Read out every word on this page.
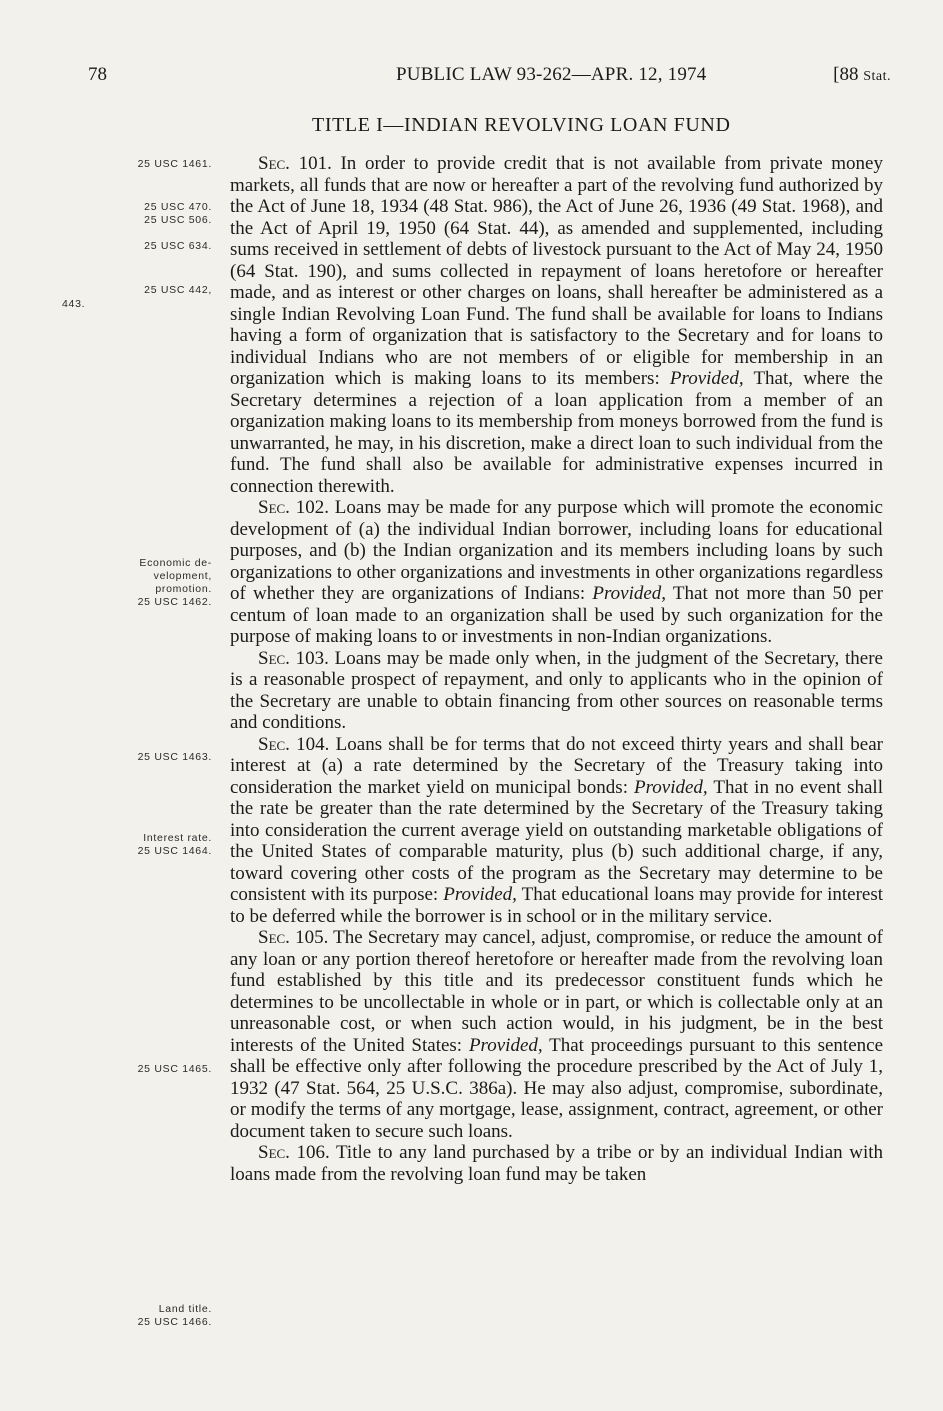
78	PUBLIC LAW 93-262—APR. 12, 1974	[88 Stat.
TITLE I—INDIAN REVOLVING LOAN FUND
25 USC 1461.
25 USC 470.
25 USC 506.
25 USC 634.
25 USC 442,
443.
Economic de-
velopment,
promotion.
25 USC 1462.
25 USC 1463.
Interest rate.
25 USC 1464.
25 USC 1465.
Land title.
25 USC 1466.

Sec. 101. In order to provide credit that is not available from private money markets, all funds that are now or hereafter a part of the revolving fund authorized by the Act of June 18, 1934 (48 Stat. 986), the Act of June 26, 1936 (49 Stat. 1968), and the Act of April 19, 1950 (64 Stat. 44), as amended and supplemented, including sums received in settlement of debts of livestock pursuant to the Act of May 24, 1950 (64 Stat. 190), and sums collected in repayment of loans heretofore or hereafter made, and as interest or other charges on loans, shall hereafter be administered as a single Indian Revolving Loan Fund. The fund shall be available for loans to Indians having a form of organization that is satisfactory to the Secretary and for loans to individual Indians who are not members of or eligible for membership in an organization which is making loans to its members: Provided, That, where the Secretary determines a rejection of a loan application from a member of an organization making loans to its membership from moneys borrowed from the fund is unwarranted, he may, in his discretion, make a direct loan to such individual from the fund. The fund shall also be available for administrative expenses incurred in connection therewith.

Sec. 102. Loans may be made for any purpose which will promote the economic development of (a) the individual Indian borrower, including loans for educational purposes, and (b) the Indian organization and its members including loans by such organizations to other organizations and investments in other organizations regardless of whether they are organizations of Indians: Provided, That not more than 50 per centum of loan made to an organization shall be used by such organization for the purpose of making loans to or investments in non-Indian organizations.

Sec. 103. Loans may be made only when, in the judgment of the Secretary, there is a reasonable prospect of repayment, and only to applicants who in the opinion of the Secretary are unable to obtain financing from other sources on reasonable terms and conditions.

Sec. 104. Loans shall be for terms that do not exceed thirty years and shall bear interest at (a) a rate determined by the Secretary of the Treasury taking into consideration the market yield on municipal bonds: Provided, That in no event shall the rate be greater than the rate determined by the Secretary of the Treasury taking into consideration the current average yield on outstanding marketable obligations of the United States of comparable maturity, plus (b) such additional charge, if any, toward covering other costs of the program as the Secretary may determine to be consistent with its purpose: Provided, That educational loans may provide for interest to be deferred while the borrower is in school or in the military service.

Sec. 105. The Secretary may cancel, adjust, compromise, or reduce the amount of any loan or any portion thereof heretofore or hereafter made from the revolving loan fund established by this title and its predecessor constituent funds which he determines to be uncollectable in whole or in part, or which is collectable only at an unreasonable cost, or when such action would, in his judgment, be in the best interests of the United States: Provided, That proceedings pursuant to this sentence shall be effective only after following the procedure prescribed by the Act of July 1, 1932 (47 Stat. 564, 25 U.S.C. 386a). He may also adjust, compromise, subordinate, or modify the terms of any mortgage, lease, assignment, contract, agreement, or other document taken to secure such loans.

Sec. 106. Title to any land purchased by a tribe or by an individual Indian with loans made from the revolving loan fund may be taken
